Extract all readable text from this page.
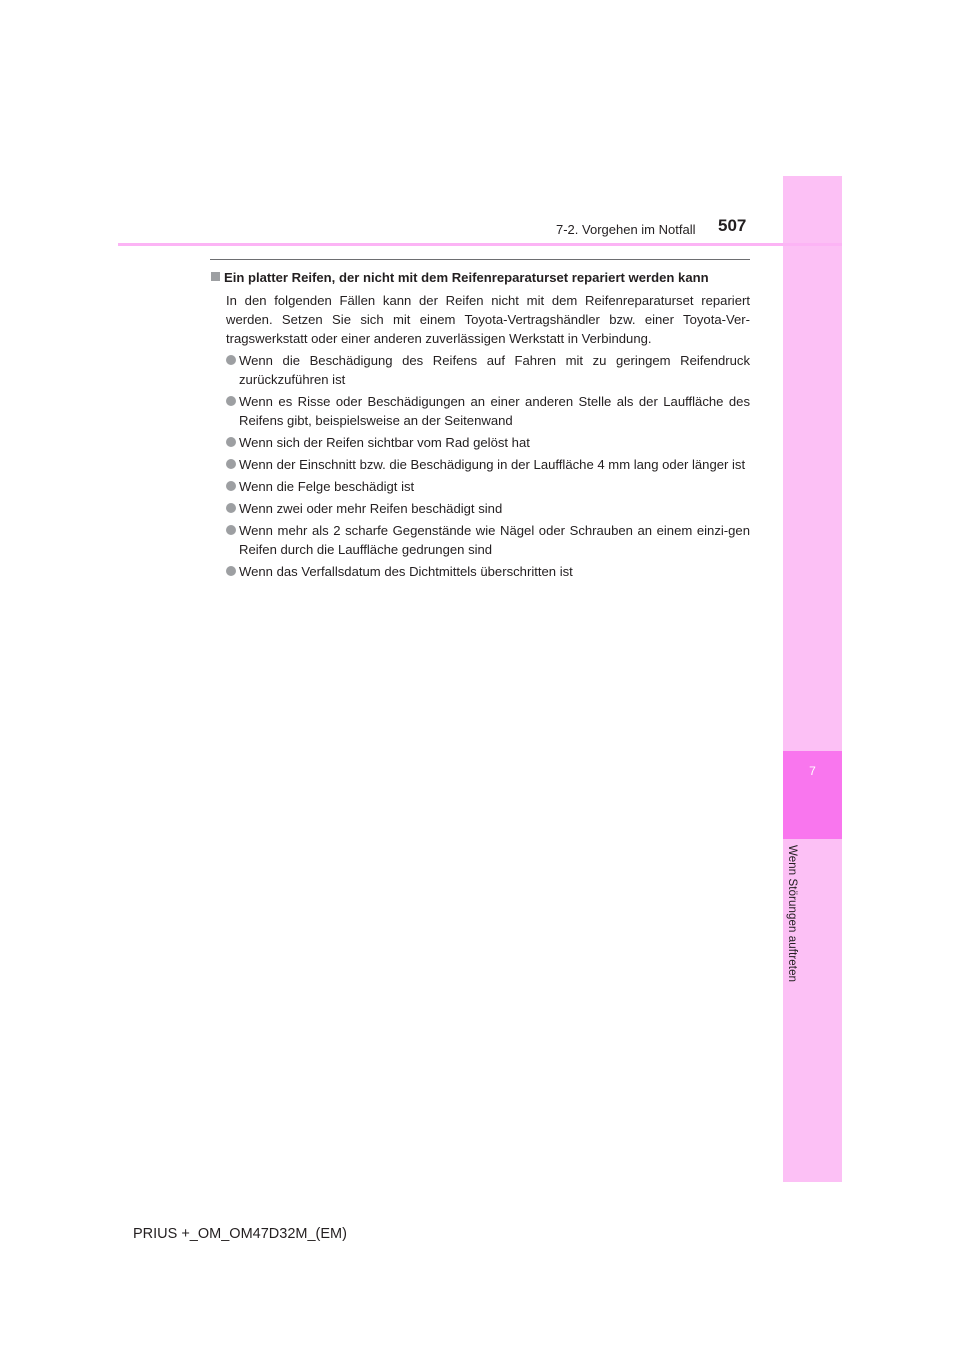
7
Wenn Störungen auftreten
7-2. Vorgehen im Notfall 507
Ein platter Reifen, der nicht mit dem Reifenreparaturset repariert werden kann
In den folgenden Fällen kann der Reifen nicht mit dem Reifenreparaturset repariert werden. Setzen Sie sich mit einem Toyota-Vertragshändler bzw. einer Toyota-Ver-tragswerkstatt oder einer anderen zuverlässigen Werkstatt in Verbindung.
Wenn die Beschädigung des Reifens auf Fahren mit zu geringem Reifendruck zurückzuführen ist
Wenn es Risse oder Beschädigungen an einer anderen Stelle als der Lauffläche des Reifens gibt, beispielsweise an der Seitenwand
Wenn sich der Reifen sichtbar vom Rad gelöst hat
Wenn der Einschnitt bzw. die Beschädigung in der Lauffläche 4 mm lang oder länger ist
Wenn die Felge beschädigt ist
Wenn zwei oder mehr Reifen beschädigt sind
Wenn mehr als 2 scharfe Gegenstände wie Nägel oder Schrauben an einem einzi-gen Reifen durch die Lauffläche gedrungen sind
Wenn das Verfallsdatum des Dichtmittels überschritten ist
PRIUS +_OM_OM47D32M_(EM)
